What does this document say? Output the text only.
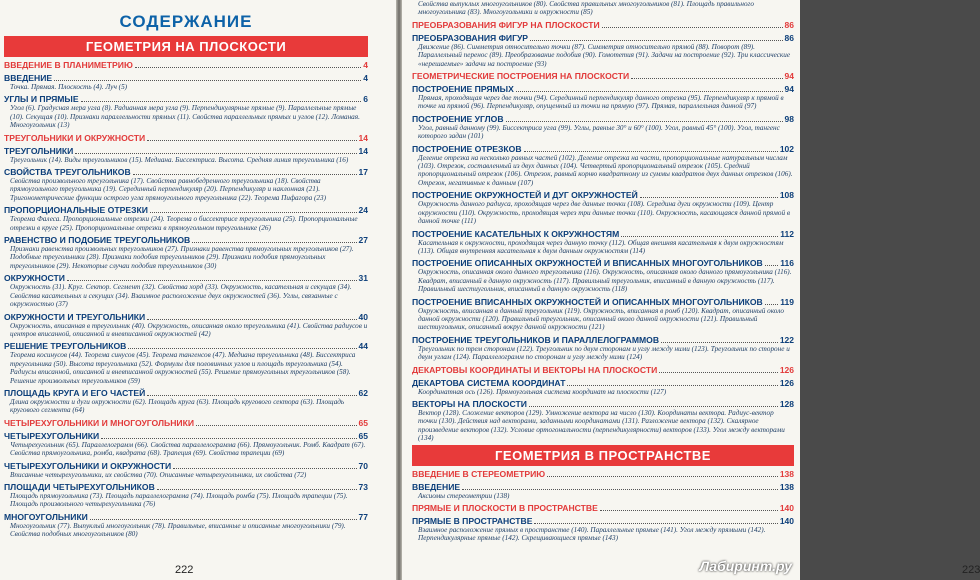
СОДЕРЖАНИЕ
ГЕОМЕТРИЯ НА ПЛОСКОСТИ
ВВЕДЕНИЕ В ПЛАНИМЕТРИЮ	4
ВВЕДЕНИЕ	4
Точка. Прямая. Плоскость (4). Луч (5)
УГЛЫ И ПРЯМЫЕ	6
Угол (6). Градусная мера угла (8). Радианная мера угла (9). Перпендикулярные прямые (9). Параллельные прямые (10). Секущая (10). Признаки параллельности прямых (11). Свойства параллельных прямых и углов (12). Ломаная. Многоугольник (13)
ТРЕУГОЛЬНИКИ И ОКРУЖНОСТИ	14
ТРЕУГОЛЬНИКИ	14
Треугольник (14). Виды треугольников (15). Медиана. Биссектриса. Высота. Средняя линия треугольника (16)
СВОЙСТВА ТРЕУГОЛЬНИКОВ	17
Свойства произвольного треугольника (17). Свойства равнобедренного треугольника (18). Свойства прямоугольного треугольника (19). Серединный перпендикуляр (20). Перпендикуляр и наклонная (21). Тригонометрические функции острого угла прямоугольного треугольника (22). Теорема Пифагора (23)
ПРОПОРЦИОНАЛЬНЫЕ ОТРЕЗКИ	24
Теорема Фалеса. Пропорциональные отрезки (24). Теорема о биссектрисе треугольника (25). Пропорциональные отрезки в круге (25). Пропорциональные отрезки в прямоугольном треугольнике (26)
РАВЕНСТВО И ПОДОБИЕ ТРЕУГОЛЬНИКОВ	27
Признаки равенства произвольных треугольников (27). Признаки равенства прямоугольных треугольников (27). Подобные треугольники (28). Признаки подобия треугольников (29). Признаки подобия прямоугольных треугольников (29). Некоторые случаи подобия треугольников (30)
ОКРУЖНОСТИ	31
Окружность (31). Круг. Сектор. Сегмент (32). Свойства хорд (33). Окружность, касательная и секущая (34). Свойства касательных и секущих (34). Взаимное расположение двух окружностей (36). Углы, связанные с окружностью (37)
ОКРУЖНОСТИ И ТРЕУГОЛЬНИКИ	40
Окружность, вписанная в треугольник (40). Окружность, описанная около треугольника (41). Свойства радиусов и центров вписанной, описанной и вневписанной окружностей (42)
РЕШЕНИЕ ТРЕУГОЛЬНИКОВ	44
Теорема косинусов (44). Теорема синусов (45). Теорема тангенсов (47). Медиана треугольника (48). Биссектриса треугольника (50). Высота треугольника (52). Формулы для половинных углов и площадь треугольника (54). Радиусы вписанной, описанной и вневписанной окружностей (55). Решение прямоугольных треугольников (58). Решение произвольных треугольников (59)
ПЛОЩАДЬ КРУГА И ЕГО ЧАСТЕЙ	62
Длина окружности и дуги окружности (62). Площадь круга (63). Площадь кругового сектора (63). Площадь кругового сегмента (64)
ЧЕТЫРЕХУГОЛЬНИКИ И МНОГОУГОЛЬНИКИ	65
ЧЕТЫРЕХУГОЛЬНИКИ	65
Четырехугольник (65). Параллелограмм (66). Свойства параллелограмма (66). Прямоугольник. Ромб. Квадрат (67). Свойства прямоугольника, ромба, квадрата (68). Трапеция (69). Свойства трапеции (69)
ЧЕТЫРЕХУГОЛЬНИКИ И ОКРУЖНОСТИ	70
Вписанные четырехугольники, их свойства (70). Описанные четырехугольники, их свойства (72)
ПЛОЩАДИ ЧЕТЫРЕХУГОЛЬНИКОВ	73
Площадь прямоугольника (73). Площадь параллелограмма (74). Площадь ромба (75). Площадь трапеции (75). Площадь произвольного четырехугольника (76)
МНОГОУГОЛЬНИКИ	77
Многоугольник (77). Выпуклый многоугольник (78). Правильные, вписанные и описанные многоугольники (79). Свойства подобных многоугольников (80)
222
Свойства выпуклых многоугольников (80). Свойства правильных многоугольников (81). Площадь правильного многоугольника (83). Многоугольники и окружности (85)
ПРЕОБРАЗОВАНИЯ ФИГУР НА ПЛОСКОСТИ	86
ПРЕОБРАЗОВАНИЯ ФИГУР	86
Движение (86). Симметрия относительно точки (87). Симметрия относительно прямой (88). Поворот (89). Параллельный перенос (89). Преобразование подобия (90). Гомотетия (91). Задачи на построение (92). Три классические «нерешаемые» задачи на построение (93)
ГЕОМЕТРИЧЕСКИЕ ПОСТРОЕНИЯ НА ПЛОСКОСТИ	94
ПОСТРОЕНИЕ ПРЯМЫХ	94
Прямая, проходящая через две точки (94). Серединный перпендикуляр данного отрезка (95). Перпендикуляр к прямой в точке на прямой (96). Перпендикуляр, опущенный из точки на прямую (97). Прямая, параллельная данной (97)
ПОСТРОЕНИЕ УГЛОВ	98
Угол, равный данному (99). Биссектриса угла (99). Углы, равные 30° и 60° (100). Угол, равный 45° (100). Угол, тангенс которого задан (101)
ПОСТРОЕНИЕ ОТРЕЗКОВ	102
Деление отрезка на несколько равных частей (102). Деление отрезка на части, пропорциональные натуральным числам (103). Отрезок, составленный из двух данных (104). Четвертый пропорциональный отрезок (105). Средний пропорциональный отрезок (106). Отрезок, равный корню квадратному из суммы квадратов двух данных отрезков (106). Отрезок, негативные к данным (107)
ПОСТРОЕНИЕ ОКРУЖНОСТЕЙ И ДУГ ОКРУЖНОСТЕЙ	108
Окружность данного радиуса, проходящая через две данные точки (108). Середина дуги окружности (109). Центр окружности (110). Окружность, проходящая через три данные точки (110). Окружность, касающаяся данной прямой в данной точке (111)
ПОСТРОЕНИЕ КАСАТЕЛЬНЫХ К ОКРУЖНОСТЯМ	112
Касательная к окружности, проходящая через данную точку (112). Общая внешняя касательная к двум окружностям (113). Общая внутренняя касательная к двум данным окружностям (114)
ПОСТРОЕНИЕ ОПИСАННЫХ ОКРУЖНОСТЕЙ И ВПИСАННЫХ МНОГОУГОЛЬНИКОВ 116
Окружность, описанная около данного треугольника (116). Окружность, описанная около данного прямоугольника (116). Квадрат, вписанный в данную окружность (117). Правильный треугольник, вписанный в данную окружность (117). Правильный шестиугольник, вписанный в данную окружность (118)
ПОСТРОЕНИЕ ВПИСАННЫХ ОКРУЖНОСТЕЙ И ОПИСАННЫХ МНОГОУГОЛЬНИКОВ 119
Окружность, вписанная в данный треугольник (119). Окружность, вписанная в ромб (120). Квадрат, описанный около данной окружности (120). Правильный треугольник, описанный около данной окружности (121). Правильный шестиугольник, описанный вокруг данной окружности (121)
ПОСТРОЕНИЕ ТРЕУГОЛЬНИКОВ И ПАРАЛЛЕЛОГРАММОВ	122
Треугольник по трем сторонам (122). Треугольник по двум сторонам и углу между ними (123). Треугольник по стороне и двум углам (124). Параллелограмм по сторонам и углу между ними (124)
ДЕКАРТОВЫ КООРДИНАТЫ И ВЕКТОРЫ НА ПЛОСКОСТИ	126
ДЕКАРТОВА СИСТЕМА КООРДИНАТ	126
Координатная ось (126). Прямоугольная система координат на плоскости (127)
ВЕКТОРЫ НА ПЛОСКОСТИ	128
Вектор (128). Сложение векторов (129). Умножение вектора на число (130). Координаты вектора. Радиус-вектор точки (130). Действия над векторами, заданными координатами (131). Разложение вектора (132). Скалярное произведение векторов (132). Условие ортогональности (перпендикулярности) векторов (133). Угол между векторами (134)
ГЕОМЕТРИЯ В ПРОСТРАНСТВЕ
ВВЕДЕНИЕ В СТЕРЕОМЕТРИЮ	138
ВВЕДЕНИЕ	138
Аксиомы стереометрии (138)
ПРЯМЫЕ И ПЛОСКОСТИ В ПРОСТРАНСТВЕ	140
ПРЯМЫЕ В ПРОСТРАНСТВЕ	140
Взаимное расположение прямых в пространстве (140). Параллельные прямые (141). Угол между прямыми (142). Перпендикулярные прямые (142). Скрещивающиеся прямые (143)
223
Лабиринт.ру
